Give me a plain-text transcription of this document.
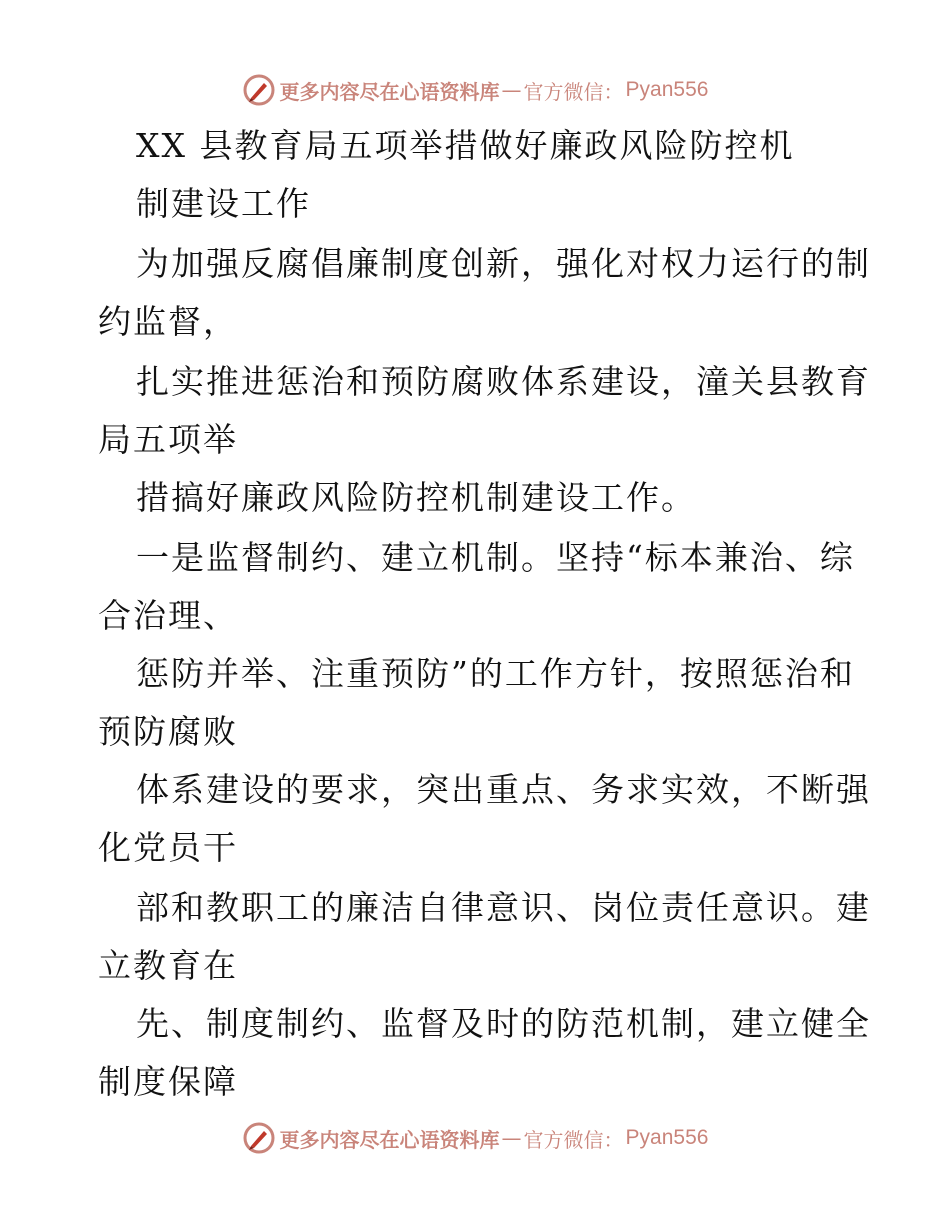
更多内容尽在心语资料库 — 官方微信： Pyan556
XX 县教育局五项举措做好廉政风险防控机
制建设工作
为加强反腐倡廉制度创新，强化对权力运行的制
约监督，
扎实推进惩治和预防腐败体系建设，潼关县教育
局五项举
措搞好廉政风险防控机制建设工作。
一是监督制约、建立机制。坚持“标本兼治、综
合治理、
惩防并举、注重预防”的工作方针，按照惩治和
预防腐败
体系建设的要求，突出重点、务求实效，不断强
化党员干
部和教职工的廉洁自律意识、岗位责任意识。建
立教育在
先、制度制约、监督及时的防范机制，建立健全
制度保障
更多内容尽在心语资料库 — 官方微信： Pyan556
